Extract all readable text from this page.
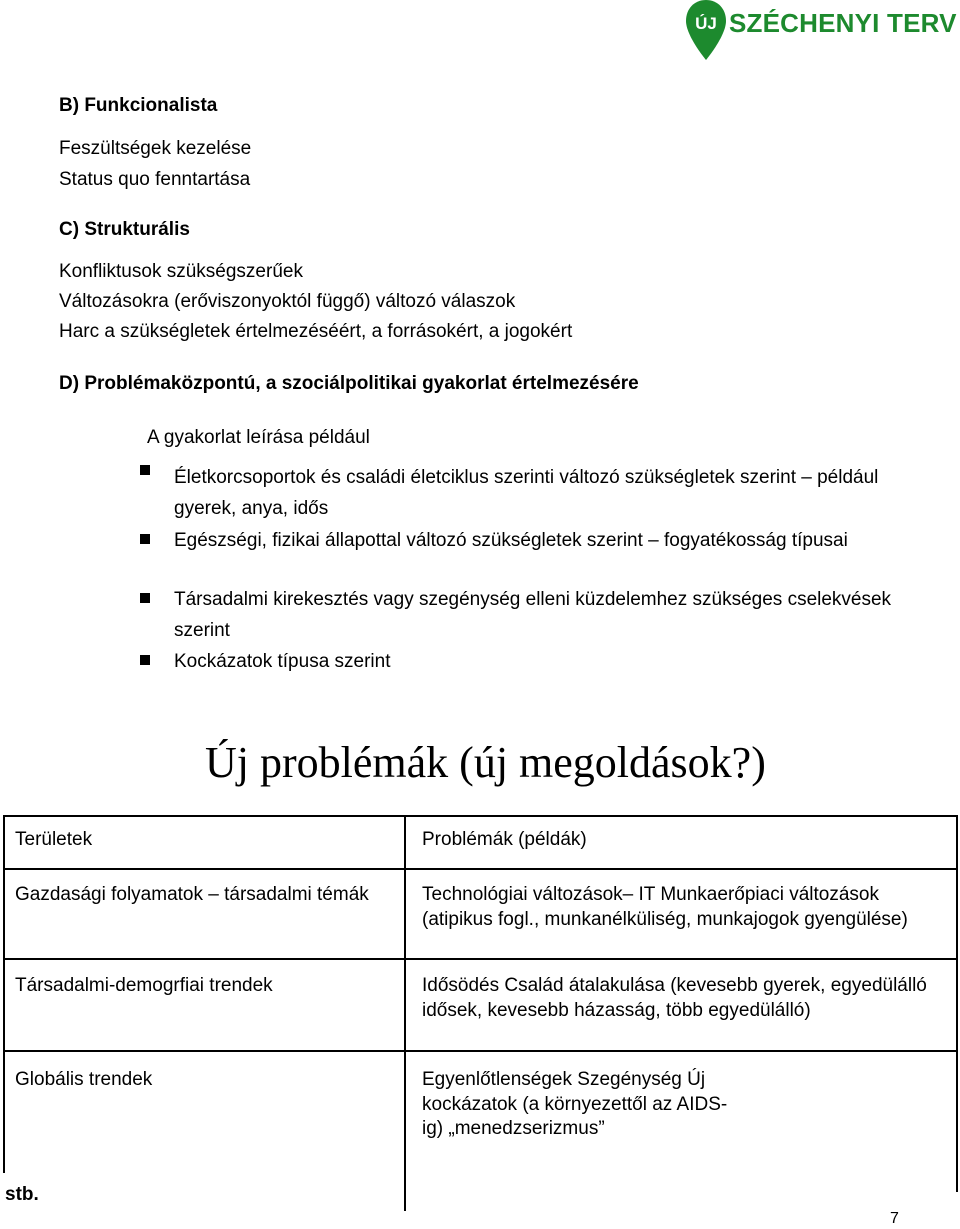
ÚJ SZÉCHENYI TERV
B) Funkcionalista
Feszültségek kezelése
Status quo fenntartása
C) Strukturális
Konfliktusok szükségszerűek
Változásokra (erőviszonyoktól függő) változó válaszok
Harc a szükségletek értelmezéséért, a forrásokért, a jogokért
D) Problémaközpontú, a szociálpolitikai gyakorlat értelmezésére
A gyakorlat leírása például
Életkorcsoportok és családi életciklus szerinti változó szükségletek szerint – például gyerek, anya, idős
Egészségi, fizikai állapottal változó szükségletek szerint – fogyatékosság típusai
Társadalmi kirekesztés vagy szegénység elleni küzdelemhez szükséges cselekvések szerint
Kockázatok típusa szerint
Új problémák (új megoldások?)
Területek	Problémák (példák)
Gazdasági folyamatok – társadalmi témák	Technológiai változások– IT Munkaerőpiaci változások (atipikus fogl., munkanélküliség, munkajogok gyengülése)
Társadalmi-demogrfiai trendek	Idősödés Család átalakulása (kevesebb gyerek, egyedülálló idősek, kevesebb házasság, több egyedülálló)
Globális trendek	Egyenlőtlenségek Szegénység Új kockázatok (a környezettől az AIDS-ig) „menedzserizmus”
stb.
7
